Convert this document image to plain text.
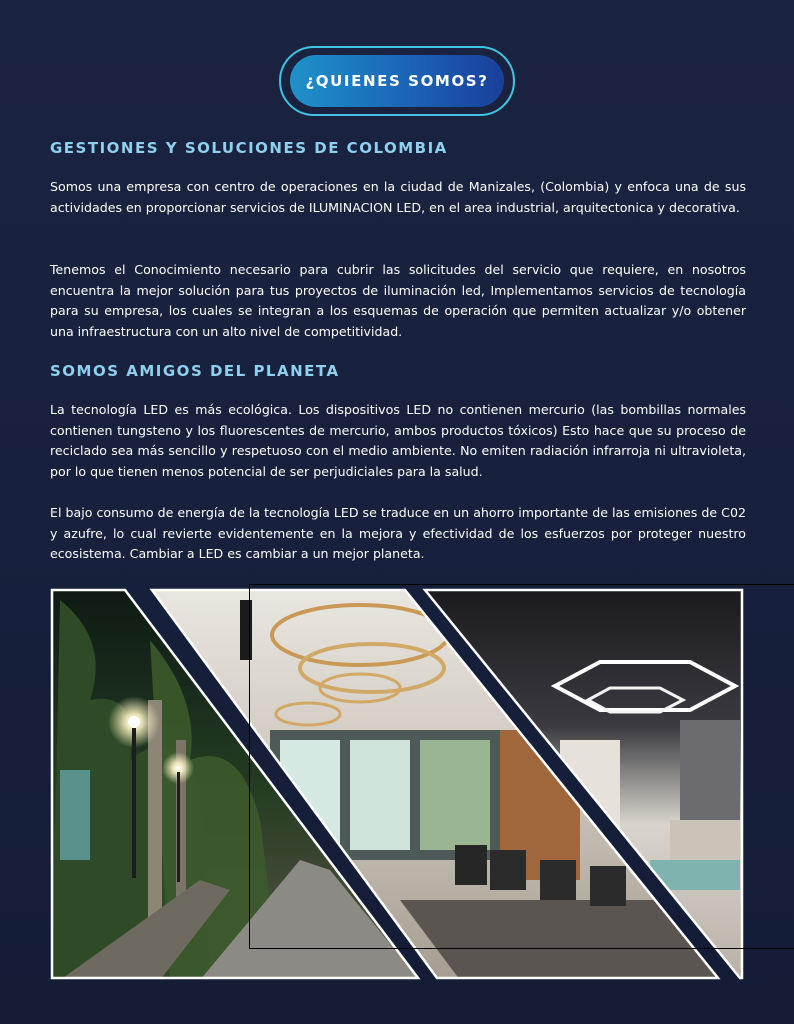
¿QUIENES SOMOS?
GESTIONES Y SOLUCIONES DE COLOMBIA

Somos una empresa con centro de operaciones en la ciudad de Manizales, (Colombia) y enfoca una de sus actividades en proporcionar servicios de ILUMINACION LED, en el area industrial, arquitectonica y decorativa.

Tenemos el Conocimiento necesario para cubrir las solicitudes del servicio que requiere, en nosotros encuentra la mejor solución para tus proyectos de iluminación led, Implementamos servicios de tecnología para su empresa, los cuales se integran a los esquemas de operación que permiten actualizar y/o obtener una infraestructura con un alto nivel de competitividad.

SOMOS AMIGOS DEL PLANETA

La tecnología LED es más ecológica. Los dispositivos LED no contienen mercurio (las bombillas normales contienen tungsteno y los fluorescentes de mercurio, ambos productos tóxicos) Esto hace que su proceso de reciclado sea más sencillo y respetuoso con el medio ambiente. No emiten radiación infrarroja ni ultravioleta, por lo que tienen menos potencial de ser perjudiciales para la salud.

El bajo consumo de energía de la tecnología LED se traduce en un ahorro importante de las emisiones de C02 y azufre, lo cual revierte evidentemente en la mejora y efectividad de los esfuerzos por proteger nuestro ecosistema. Cambiar a LED es cambiar a un mejor planeta.
